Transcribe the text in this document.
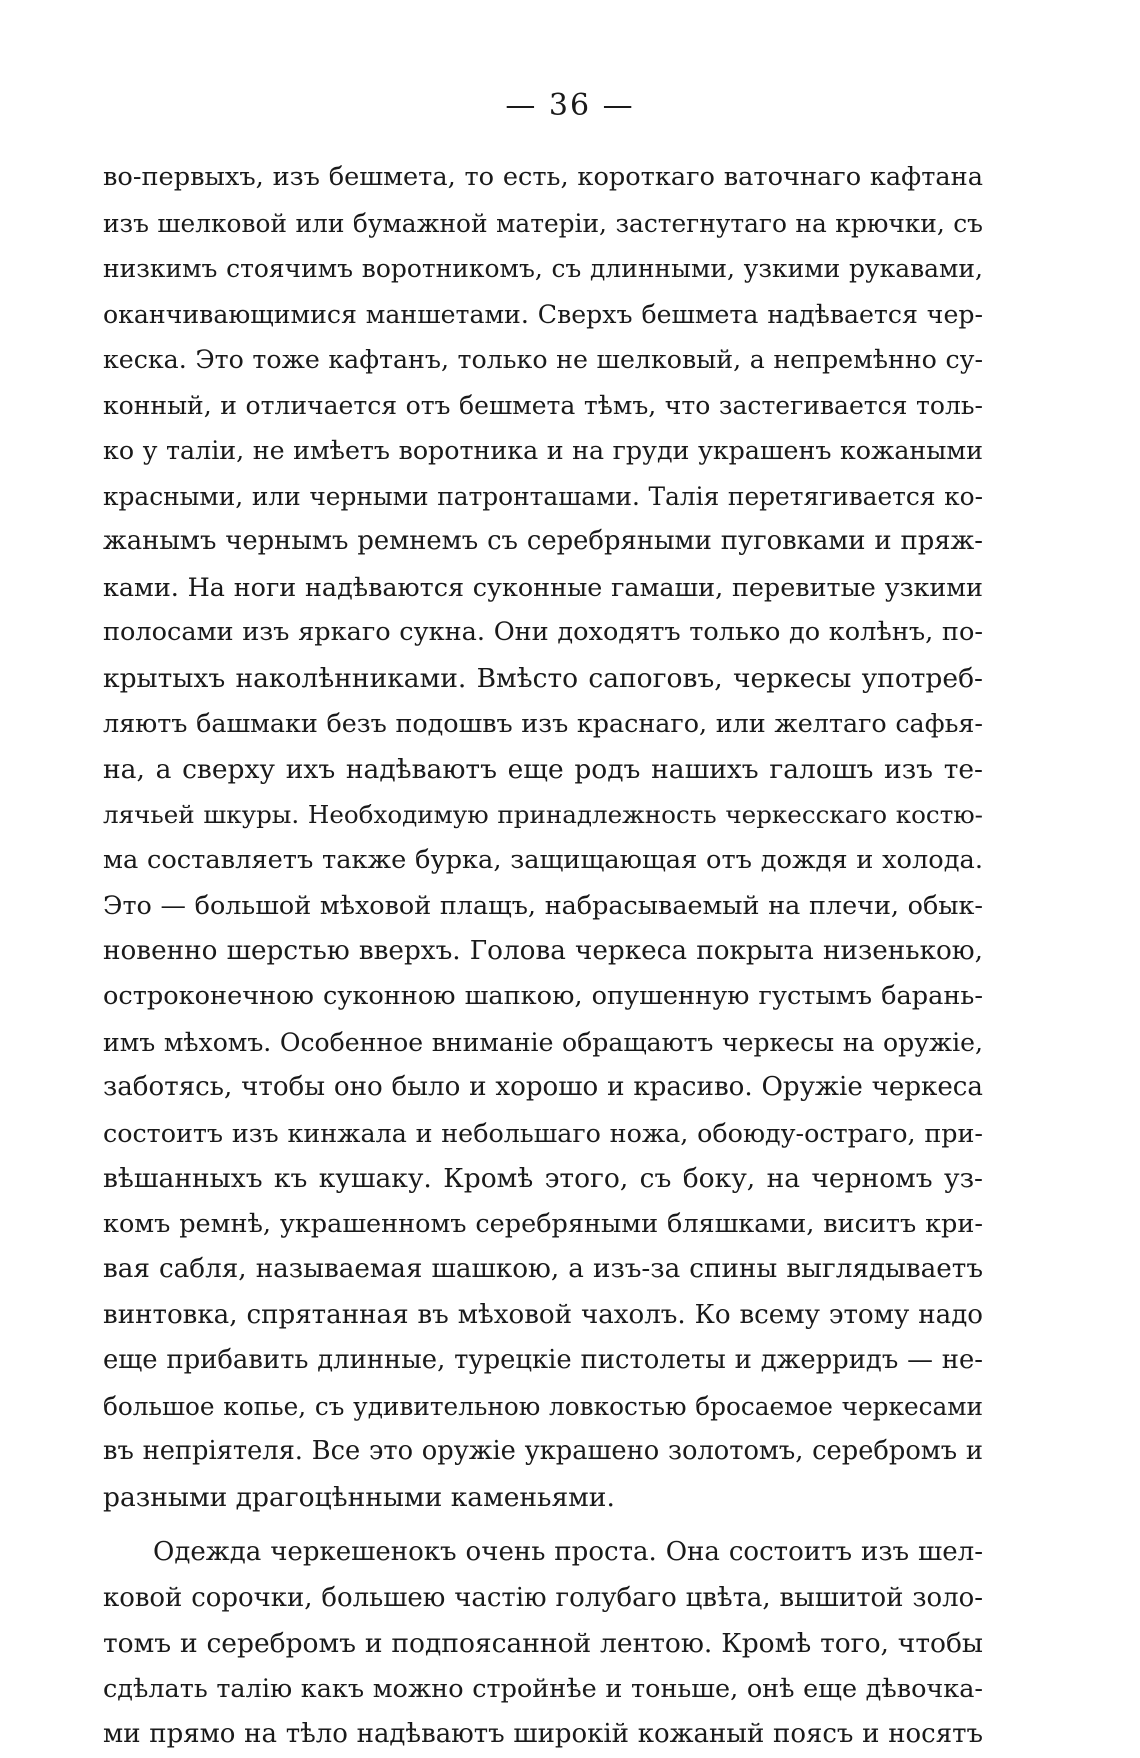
— 36 —
во-первыхъ, изъ бешмета, то есть, короткаго ваточнаго кафтана
изъ шелковой или бумажной матеріи, застегнутаго на крючки, съ
низкимъ стоячимъ воротникомъ, съ длинными, узкими рукавами,
оканчивающимися маншетами. Сверхъ бешмета надѣвается чер-
кеска. Это тоже кафтанъ, только не шелковый, а непремѣнно су-
конный, и отличается отъ бешмета тѣмъ, что застегивается толь-
ко у таліи, не имѣетъ воротника и на груди украшенъ кожаными
красными, или черными патронташами. Талія перетягивается ко-
жанымъ чернымъ ремнемъ съ серебряными пуговками и пряж-
ками. На ноги надѣваются суконные гамаши, перевитые узкими
полосами изъ яркаго сукна. Они доходятъ только до колѣнъ, по-
крытыхъ наколѣнниками. Вмѣсто сапоговъ, черкесы употреб-
ляютъ башмаки безъ подошвъ изъ краснаго, или желтаго сафья-
на, а сверху ихъ надѣваютъ еще родъ нашихъ галошъ изъ те-
лячьей шкуры. Необходимую принадлежность черкесскаго костю-
ма составляетъ также бурка, защищающая отъ дождя и холода.
Это — большой мѣховой плащъ, набрасываемый на плечи, обык-
новенно шерстью вверхъ. Голова черкеса покрыта низенькою,
остроконечною суконною шапкою, опушенную густымъ барань-
имъ мѣхомъ. Особенное вниманіе обращаютъ черкесы на оружіе,
заботясь, чтобы оно было и хорошо и красиво. Оружіе черкеса
состоитъ изъ кинжала и небольшаго ножа, обоюду-остраго, при-
вѣшанныхъ къ кушаку. Кромѣ этого, съ боку, на черномъ уз-
комъ ремнѣ, украшенномъ серебряными бляшками, виситъ кри-
вая сабля, называемая шашкою, а изъ-за спины выглядываетъ
винтовка, спрятанная въ мѣховой чахолъ. Ко всему этому надо
еще прибавить длинные, турецкіе пистолеты и джерридъ — не-
большое копье, съ удивительною ловкостью бросаемое черкесами
въ непріятеля. Все это оружіе украшено золотомъ, серебромъ и
разными драгоцѣнными каменьями.
Одежда черкешенокъ очень проста. Она состоитъ изъ шел-
ковой сорочки, большею частію голубаго цвѣта, вышитой золо-
томъ и серебромъ и подпоясанной лентою. Кромѣ того, чтобы
сдѣлать талію какъ можно стройнѣе и тоньше, онѣ еще дѣвочка-
ми прямо на тѣло надѣваютъ широкій кожаный поясъ и носятъ
